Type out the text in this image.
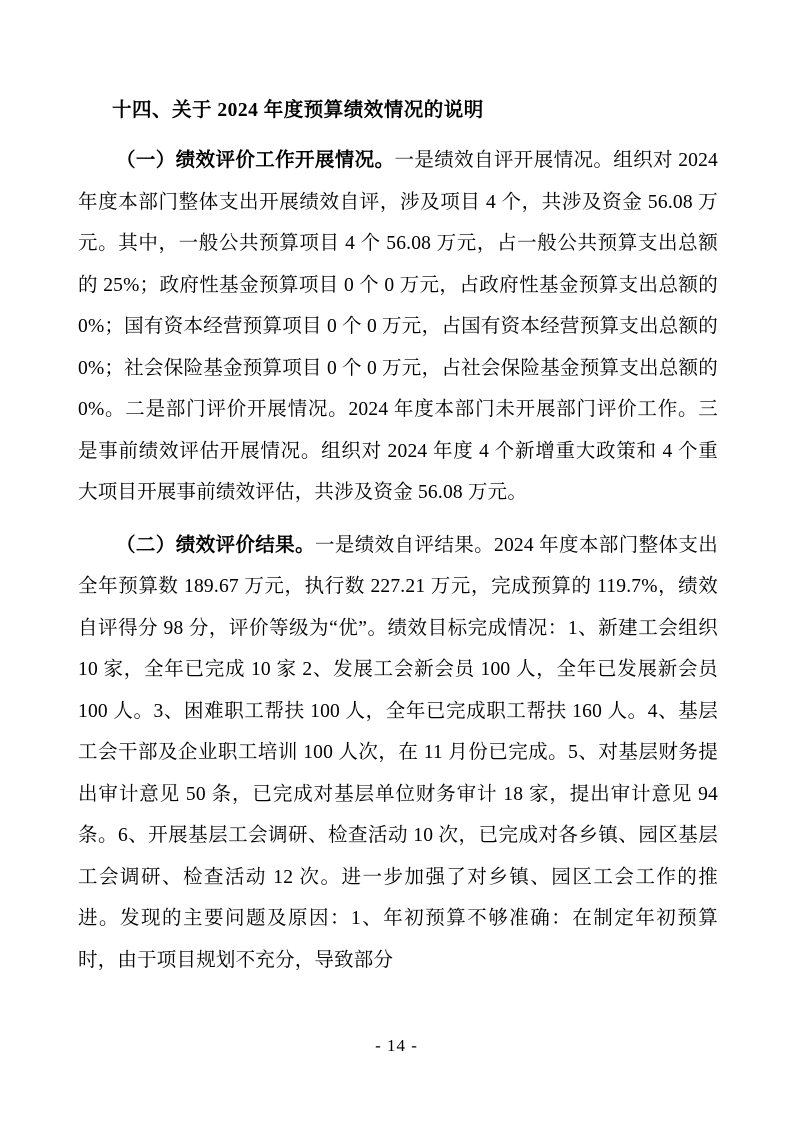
十四、关于 2024 年度预算绩效情况的说明

（一）绩效评价工作开展情况。一是绩效自评开展情况。组织对 2024 年度本部门整体支出开展绩效自评，涉及项目 4 个，共涉及资金 56.08 万元。其中，一般公共预算项目 4 个 56.08 万元，占一般公共预算支出总额的 25%；政府性基金预算项目 0 个 0 万元，占政府性基金预算支出总额的 0%；国有资本经营预算项目 0 个 0 万元，占国有资本经营预算支出总额的 0%；社会保险基金预算项目 0 个 0 万元，占社会保险基金预算支出总额的 0%。二是部门评价开展情况。2024 年度本部门未开展部门评价工作。三是事前绩效评估开展情况。组织对 2024 年度 4 个新增重大政策和 4 个重大项目开展事前绩效评估，共涉及资金 56.08 万元。

（二）绩效评价结果。一是绩效自评结果。2024 年度本部门整体支出全年预算数 189.67 万元，执行数 227.21 万元，完成预算的 119.7%，绩效自评得分 98 分，评价等级为“优”。绩效目标完成情况：1、新建工会组织 10 家，全年已完成 10 家 2、发展工会新会员 100 人，全年已发展新会员 100 人。3、困难职工帮扶 100 人，全年已完成职工帮扶 160 人。4、基层工会干部及企业职工培训 100 人次，在 11 月份已完成。5、对基层财务提出审计意见 50 条，已完成对基层单位财务审计 18 家，提出审计意见 94 条。6、开展基层工会调研、检查活动 10 次，已完成对各乡镇、园区基层工会调研、检查活动 12 次。进一步加强了对乡镇、园区工会工作的推进。发现的主要问题及原因：1、年初预算不够准确：在制定年初预算时，由于项目规划不充分，导致部分

- 14 -
